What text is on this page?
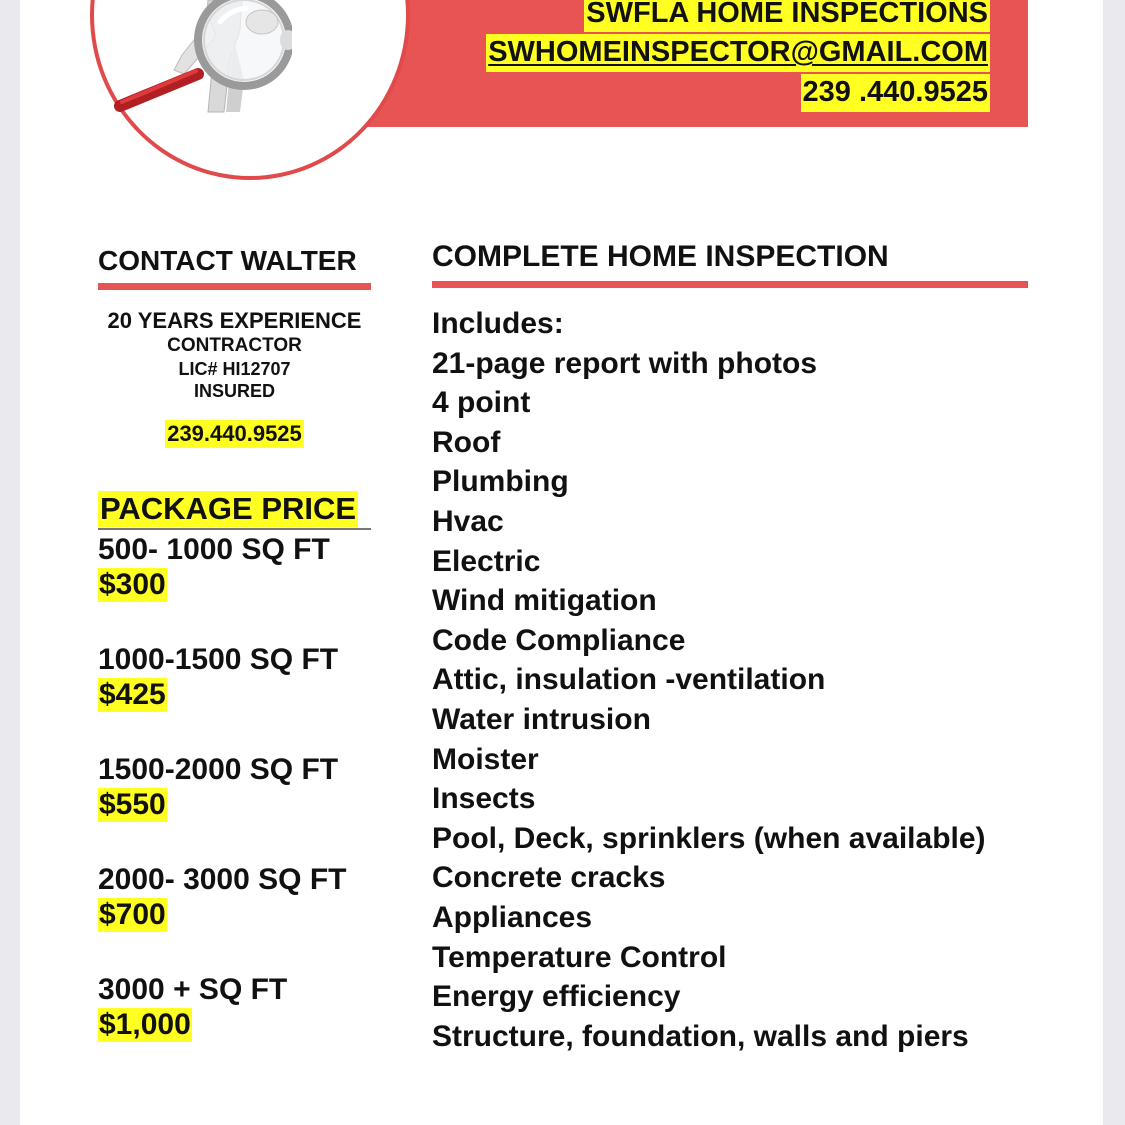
SWFLA HOME INSPECTIONS
SWHOMEINSPECTOR@GMAIL.COM
239 .440.9525
CONTACT WALTER
20 YEARS EXPERIENCE
CONTRACTOR
LIC# HI12707
INSURED
239.440.9525
PACKAGE PRICE
500- 1000 SQ FT
$300
1000-1500 SQ FT
$425
1500-2000 SQ FT
$550
2000- 3000 SQ FT
$700
3000 + SQ FT
$1,000
COMPLETE HOME INSPECTION
Includes:
21-page report with photos
4 point
Roof
Plumbing
Hvac
Electric
Wind mitigation
Code Compliance
Attic, insulation -ventilation
Water intrusion
Moister
Insects
Pool, Deck, sprinklers (when available)
Concrete cracks
Appliances
Temperature Control
Energy efficiency
Structure, foundation, walls and piers
